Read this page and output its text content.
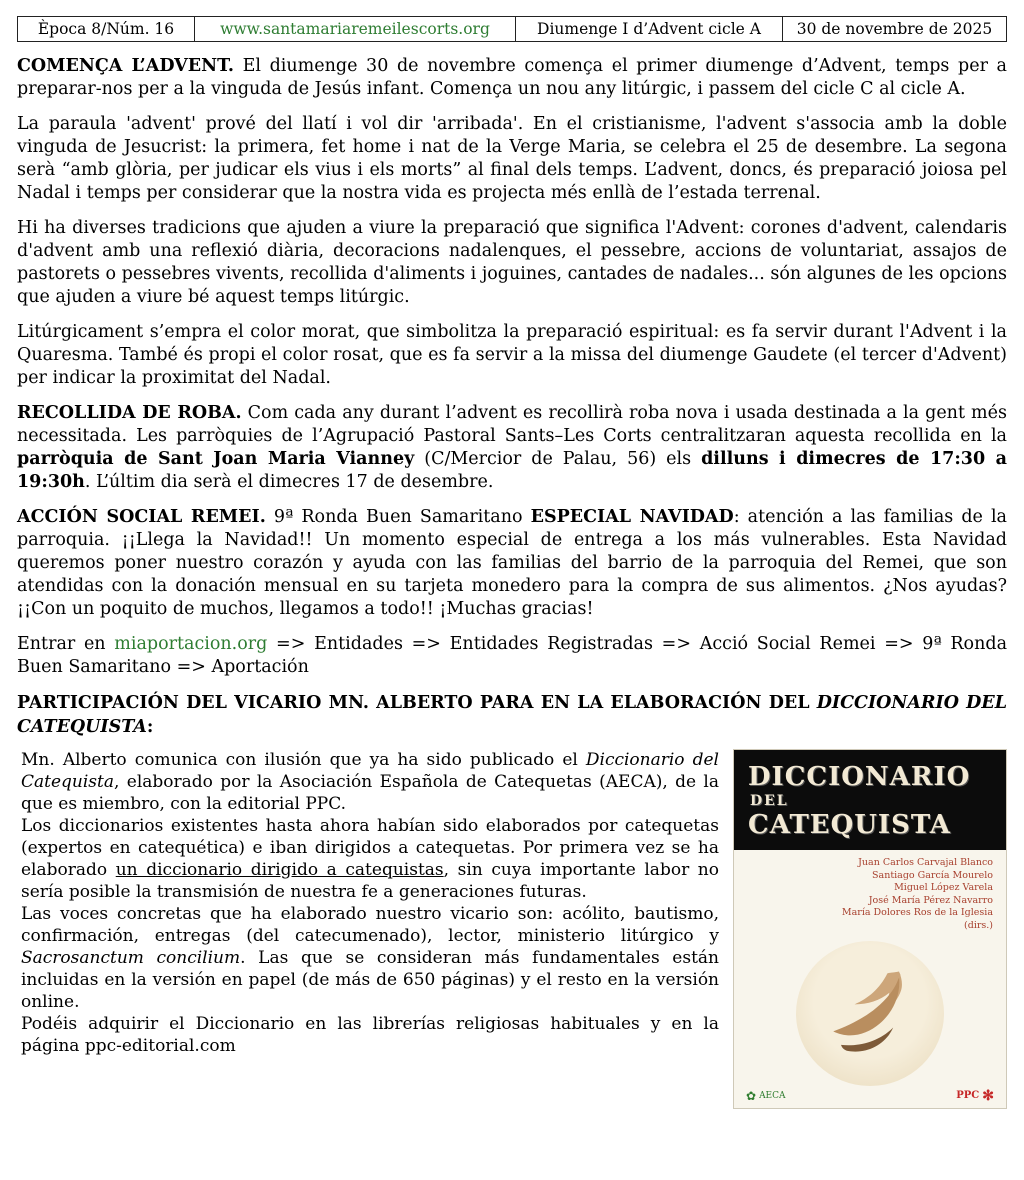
Època 8/Núm. 16	www.santamariaremeilescorts.org	Diumenge I d’Advent cicle A	30 de novembre de 2025

COMENÇA L’ADVENT. El diumenge 30 de novembre comença el primer diumenge d’Advent, temps per a preparar-nos per a la vinguda de Jesús infant. Comença un nou any litúrgic, i passem del cicle C al cicle A.

La paraula 'advent' prové del llatí i vol dir 'arribada'. En el cristianisme, l'advent s'associa amb la doble vinguda de Jesucrist: la primera, fet home i nat de la Verge Maria, se celebra el 25 de desembre. La segona serà “amb glòria, per judicar els vius i els morts” al final dels temps. L’advent, doncs, és preparació joiosa pel Nadal i temps per considerar que la nostra vida es projecta més enllà de l’estada terrenal.

Hi ha diverses tradicions que ajuden a viure la preparació que significa l'Advent: corones d'advent, calendaris d'advent amb una reflexió diària, decoracions nadalenques, el pessebre, accions de voluntariat, assajos de pastorets o pessebres vivents, recollida d'aliments i joguines, cantades de nadales... són algunes de les opcions que ajuden a viure bé aquest temps litúrgic.

Litúrgicament s’empra el color morat, que simbolitza la preparació espiritual: es fa servir durant l'Advent i la Quaresma. També és propi el color rosat, que es fa servir a la missa del diumenge Gaudete (el tercer d'Advent) per indicar la proximitat del Nadal.

RECOLLIDA DE ROBA. Com cada any durant l’advent es recollirà roba nova i usada destinada a la gent més necessitada. Les parròquies de l’Agrupació Pastoral Sants–Les Corts centralitzaran aquesta recollida en la parròquia de Sant Joan Maria Vianney (C/Mercior de Palau, 56) els dilluns i dimecres de 17:30 a 19:30h. L’últim dia serà el dimecres 17 de desembre.

ACCIÓN SOCIAL REMEI. 9ª Ronda Buen Samaritano ESPECIAL NAVIDAD: atención a las familias de la parroquia. ¡¡Llega la Navidad!! Un momento especial de entrega a los más vulnerables. Esta Navidad queremos poner nuestro corazón y ayuda con las familias del barrio de la parroquia del Remei, que son atendidas con la donación mensual en su tarjeta monedero para la compra de sus alimentos. ¿Nos ayudas? ¡¡Con un poquito de muchos, llegamos a todo!! ¡Muchas gracias!

Entrar en miaportacion.org => Entidades => Entidades Registradas => Acció Social Remei => 9ª Ronda Buen Samaritano => Aportación

PARTICIPACIÓN DEL VICARIO MN. ALBERTO PARA EN LA ELABORACIÓN DEL DICCIONARIO DEL CATEQUISTA:

Mn. Alberto comunica con ilusión que ya ha sido publicado el Diccionario del Catequista, elaborado por la Asociación Española de Catequetas (AECA), de la que es miembro, con la editorial PPC.

Los diccionarios existentes hasta ahora habían sido elaborados por catequetas (expertos en catequética) e iban dirigidos a catequetas. Por primera vez se ha elaborado un diccionario dirigido a catequistas, sin cuya importante labor no sería posible la transmisión de nuestra fe a generaciones futuras.

Las voces concretas que ha elaborado nuestro vicario son: acólito, bautismo, confirmación, entregas (del catecumenado), lector, ministerio litúrgico y Sacrosanctum concilium. Las que se consideran más fundamentales están incluidas en la versión en papel (de más de 650 páginas) y el resto en la versión online.

Podéis adquirir el Diccionario en las librerías religiosas habituales y en la página ppc-editorial.com

DICCIONARIO
DEL
CATEQUISTA
Juan Carlos Carvajal Blanco
Santiago García Mourelo
Miguel López Varela
José María Pérez Navarro
María Dolores Ros de la Iglesia
(dirs.)
✿ AECA	PPC ✻
